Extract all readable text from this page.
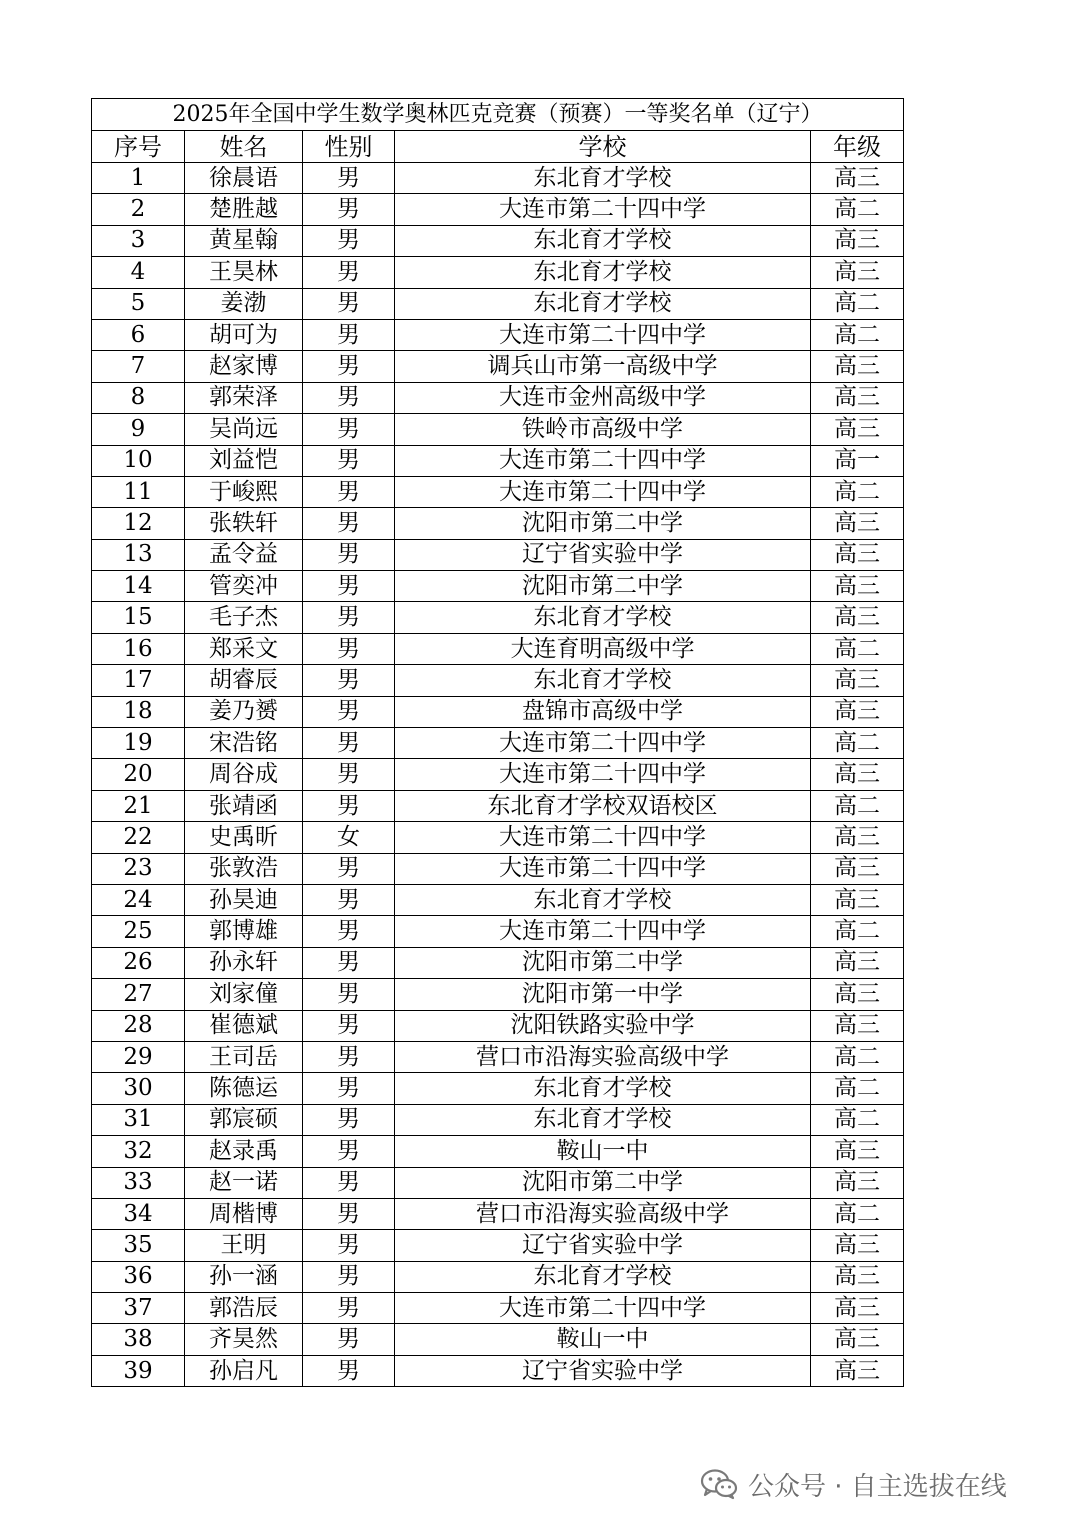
2025年全国中学生数学奥林匹克竞赛（预赛）一等奖名单（辽宁）				
序号	姓名	性别	学校	年级
1	徐晨语	男	东北育才学校	高三
2	楚胜越	男	大连市第二十四中学	高二
3	黄星翰	男	东北育才学校	高三
4	王昊林	男	东北育才学校	高三
5	姜渤	男	东北育才学校	高二
6	胡可为	男	大连市第二十四中学	高二
7	赵家博	男	调兵山市第一高级中学	高三
8	郭荣泽	男	大连市金州高级中学	高三
9	吴尚远	男	铁岭市高级中学	高三
10	刘益恺	男	大连市第二十四中学	高一
11	于峻熙	男	大连市第二十四中学	高二
12	张轶轩	男	沈阳市第二中学	高三
13	孟令益	男	辽宁省实验中学	高三
14	管奕冲	男	沈阳市第二中学	高三
15	毛子杰	男	东北育才学校	高三
16	郑采文	男	大连育明高级中学	高二
17	胡睿辰	男	东北育才学校	高三
18	姜乃赟	男	盘锦市高级中学	高三
19	宋浩铭	男	大连市第二十四中学	高二
20	周谷成	男	大连市第二十四中学	高三
21	张靖函	男	东北育才学校双语校区	高二
22	史禹昕	女	大连市第二十四中学	高三
23	张敦浩	男	大连市第二十四中学	高三
24	孙昊迪	男	东北育才学校	高三
25	郭博雄	男	大连市第二十四中学	高二
26	孙永轩	男	沈阳市第二中学	高三
27	刘家僮	男	沈阳市第一中学	高三
28	崔德斌	男	沈阳铁路实验中学	高三
29	王司岳	男	营口市沿海实验高级中学	高二
30	陈德运	男	东北育才学校	高二
31	郭宸硕	男	东北育才学校	高二
32	赵录禹	男	鞍山一中	高三
33	赵一诺	男	沈阳市第二中学	高三
34	周楷博	男	营口市沿海实验高级中学	高二
35	王明	男	辽宁省实验中学	高三
36	孙一涵	男	东北育才学校	高三
37	郭浩辰	男	大连市第二十四中学	高三
38	齐昊然	男	鞍山一中	高三
39	孙启凡	男	辽宁省实验中学	高三
公众号 · 自主选拔在线
